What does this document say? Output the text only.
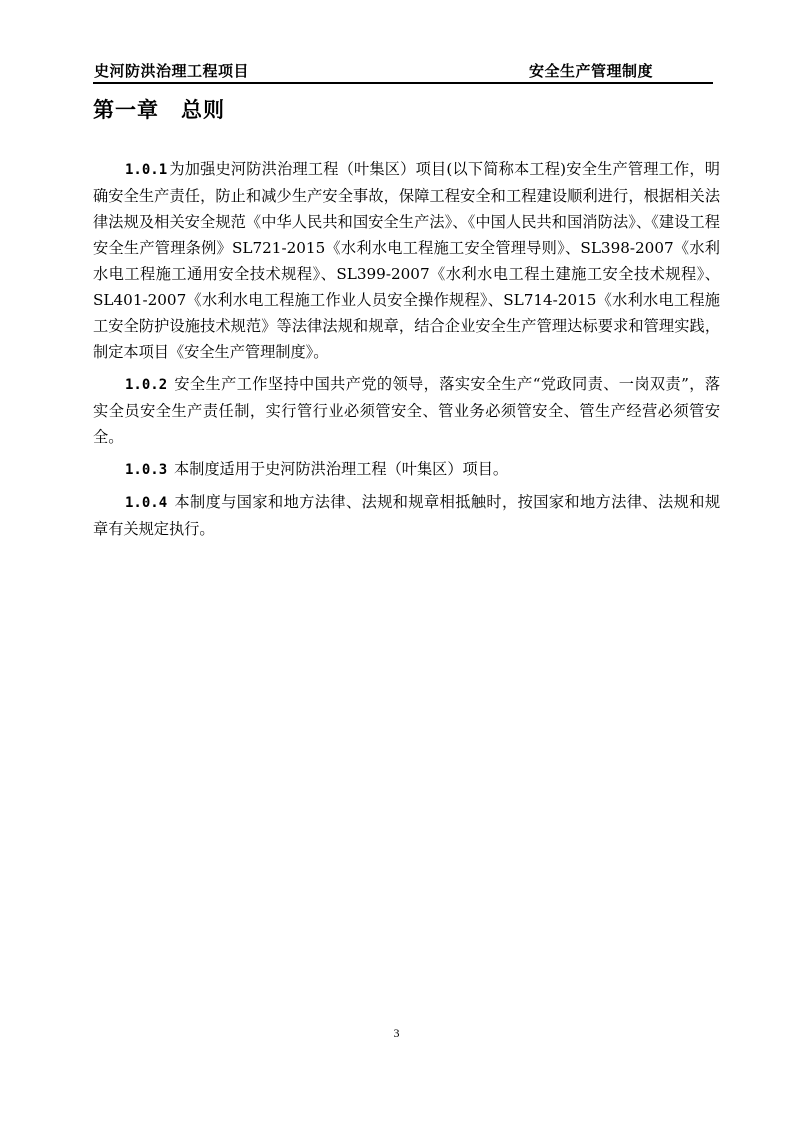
史河防洪治理工程项目	安全生产管理制度
第一章　总则

1.0.1 为加强史河防洪治理工程（叶集区）项目(以下简称本工程)安全生产管理工作，明确安全生产责任，防止和减少生产安全事故，保障工程安全和工程建设顺利进行，根据相关法律法规及相关安全规范《中华人民共和国安全生产法》、《中国人民共和国消防法》、《建设工程安全生产管理条例》SL721-2015《水利水电工程施工安全管理导则》、SL398-2007《水利水电工程施工通用安全技术规程》、SL399-2007《水利水电工程土建施工安全技术规程》、SL401-2007《水利水电工程施工作业人员安全操作规程》、SL714-2015《水利水电工程施工安全防护设施技术规范》等法律法规和规章，结合企业安全生产管理达标要求和管理实践，制定本项目《安全生产管理制度》。

1.0.2 安全生产工作坚持中国共产党的领导，落实安全生产“党政同责、一岗双责”，落实全员安全生产责任制，实行管行业必须管安全、管业务必须管安全、管生产经营必须管安全。

1.0.3 本制度适用于史河防洪治理工程（叶集区）项目。

1.0.4 本制度与国家和地方法律、法规和规章相抵触时，按国家和地方法律、法规和规章有关规定执行。

3
